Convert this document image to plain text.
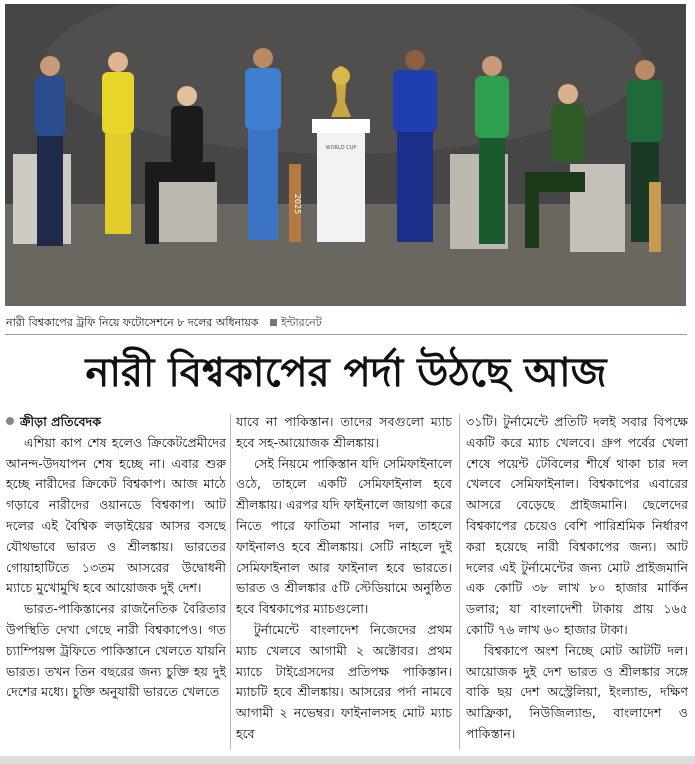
WORLD CUP
2025
নারী বিশ্বকাপের ট্রফি নিয়ে ফটোসেশনে ৮ দলের অধিনায়ক ইন্টারনেট
নারী বিশ্বকাপের পর্দা উঠছে আজ

ক্রীড়া প্রতিবেদক

এশিয়া কাপ শেষ হলেও ক্রিকেটপ্রেমীদের আনন্দ-উদযাপন শেষ হচ্ছে না। এবার শুরু হচ্ছে নারীদের ক্রিকেট বিশ্বকাপ। আজ মাঠে গড়াবে নারীদের ওয়ানডে বিশ্বকাপ। আট দলের এই বৈশ্বিক লড়াইয়ের আসর বসছে যৌথভাবে ভারত ও শ্রীলঙ্কায়। ভারতের গোয়াহাটিতে ১৩তম আসরের উদ্বোধনী ম্যাচে মুখোমুখি হবে আয়োজক দুই দেশ।

ভারত-পাকিস্তানের রাজনৈতিক বৈরিতার উপস্থিতি দেখা গেছে নারী বিশ্বকাপেও। গত চ্যাম্পিয়ন্স ট্রফিতে পাকিস্তানে খেলতে যায়নি ভারত। তখন তিন বছরের জন্য চুক্তি হয় দুই দেশের মধ্যে। চুক্তি অনুযায়ী ভারতে খেলতে

যাবে না পাকিস্তান। তাদের সবগুলো ম্যাচ হবে সহ-আয়োজক শ্রীলঙ্কায়।

সেই নিয়মে পাকিস্তান যদি সেমিফাইনালে ওঠে, তাহলে একটি সেমিফাইনাল হবে শ্রীলঙ্কায়। এরপর যদি ফাইনালে জায়গা করে নিতে পারে ফাতিমা সানার দল, তাহলে ফাইনালও হবে শ্রীলঙ্কায়। সেটি নাহলে দুই সেমিফাইনাল আর ফাইনাল হবে ভারতে। ভারত ও শ্রীলঙ্কার ৫টি স্টেডিয়ামে অনুষ্ঠিত হবে বিশ্বকাপের ম্যাচগুলো।

টুর্নামেন্টে বাংলাদেশ নিজেদের প্রথম ম্যাচ খেলবে আগামী ২ অক্টোবর। প্রথম ম্যাচে টাইগ্রেসদের প্রতিপক্ষ পাকিস্তান। ম্যাচটি হবে শ্রীলঙ্কায়। আসরের পর্দা নামবে আগামী ২ নভেম্বর। ফাইনালসহ মোট ম্যাচ হবে

৩১টি। টুর্নামেন্টে প্রতিটি দলই সবার বিপক্ষে একটি করে ম্যাচ খেলবে। গ্রুপ পর্বের খেলা শেষে পয়েন্ট টেবিলের শীর্ষে থাকা চার দল খেলবে সেমিফাইনাল। বিশ্বকাপের এবারের আসরে বেড়েছে প্রাইজমানি। ছেলেদের বিশ্বকাপের চেয়েও বেশি পারিশ্রমিক নির্ধারণ করা হয়েছে নারী বিশ্বকাপের জন্য। আট দলের এই টুর্নামেন্টের জন্য মোট প্রাইজমানি এক কোটি ৩৮ লাখ ৮০ হাজার মার্কিন ডলার; যা বাংলাদেশী টাকায় প্রায় ১৬৫ কোটি ৭৬ লাখ ৬০ হাজার টাকা।

বিশ্বকাপে অংশ নিচ্ছে মোট আটটি দল। আয়োজক দুই দেশ ভারত ও শ্রীলঙ্কার সঙ্গে বাকি ছয় দেশ অস্ট্রেলিয়া, ইংল্যান্ড, দক্ষিণ আফ্রিকা, নিউজিল্যান্ড, বাংলাদেশ ও পাকিস্তান।
